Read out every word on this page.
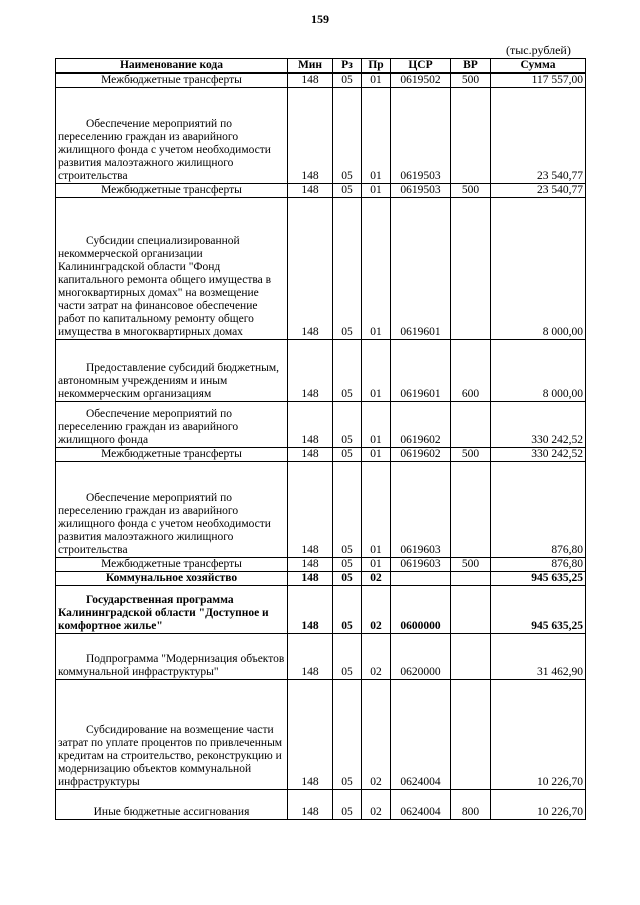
159
(тыс.рублей)
Наименование кода	Мин	Рз	Пр	ЦСР	ВР	Сумма
Межбюджетные трансферты	148	05	01	0619502	500	117 557,00
Обеспечение мероприятий по переселению граждан из аварийного жилищного фонда с учетом необходимости развития малоэтажного жилищного строительства	148	05	01	0619503		23 540,77
Межбюджетные трансферты	148	05	01	0619503	500	23 540,77
Субсидии специализированной некоммерческой организации Калининградской области "Фонд капитального ремонта общего имущества в многоквартирных домах" на возмещение части затрат на финансовое обеспечение работ по капитальному ремонту общего имущества в многоквартирных домах	148	05	01	0619601		8 000,00
Предоставление субсидий бюджетным, автономным учреждениям и иным некоммерческим организациям	148	05	01	0619601	600	8 000,00
Обеспечение мероприятий по переселению граждан из аварийного жилищного фонда	148	05	01	0619602		330 242,52
Межбюджетные трансферты	148	05	01	0619602	500	330 242,52
Обеспечение мероприятий по переселению граждан из аварийного жилищного фонда с учетом необходимости развития малоэтажного жилищного строительства	148	05	01	0619603		876,80
Межбюджетные трансферты	148	05	01	0619603	500	876,80
Коммунальное хозяйство	148	05	02			945 635,25
Государственная программа Калининградской области "Доступное и комфортное жилье"	148	05	02	0600000		945 635,25
Подпрограмма "Модернизация объектов коммунальной инфраструктуры"	148	05	02	0620000		31 462,90
Субсидирование на возмещение части затрат по уплате процентов по привлеченным кредитам на строительство, реконструкцию и модернизацию объектов коммунальной инфраструктуры	148	05	02	0624004		10 226,70
Иные бюджетные ассигнования	148	05	02	0624004	800	10 226,70
